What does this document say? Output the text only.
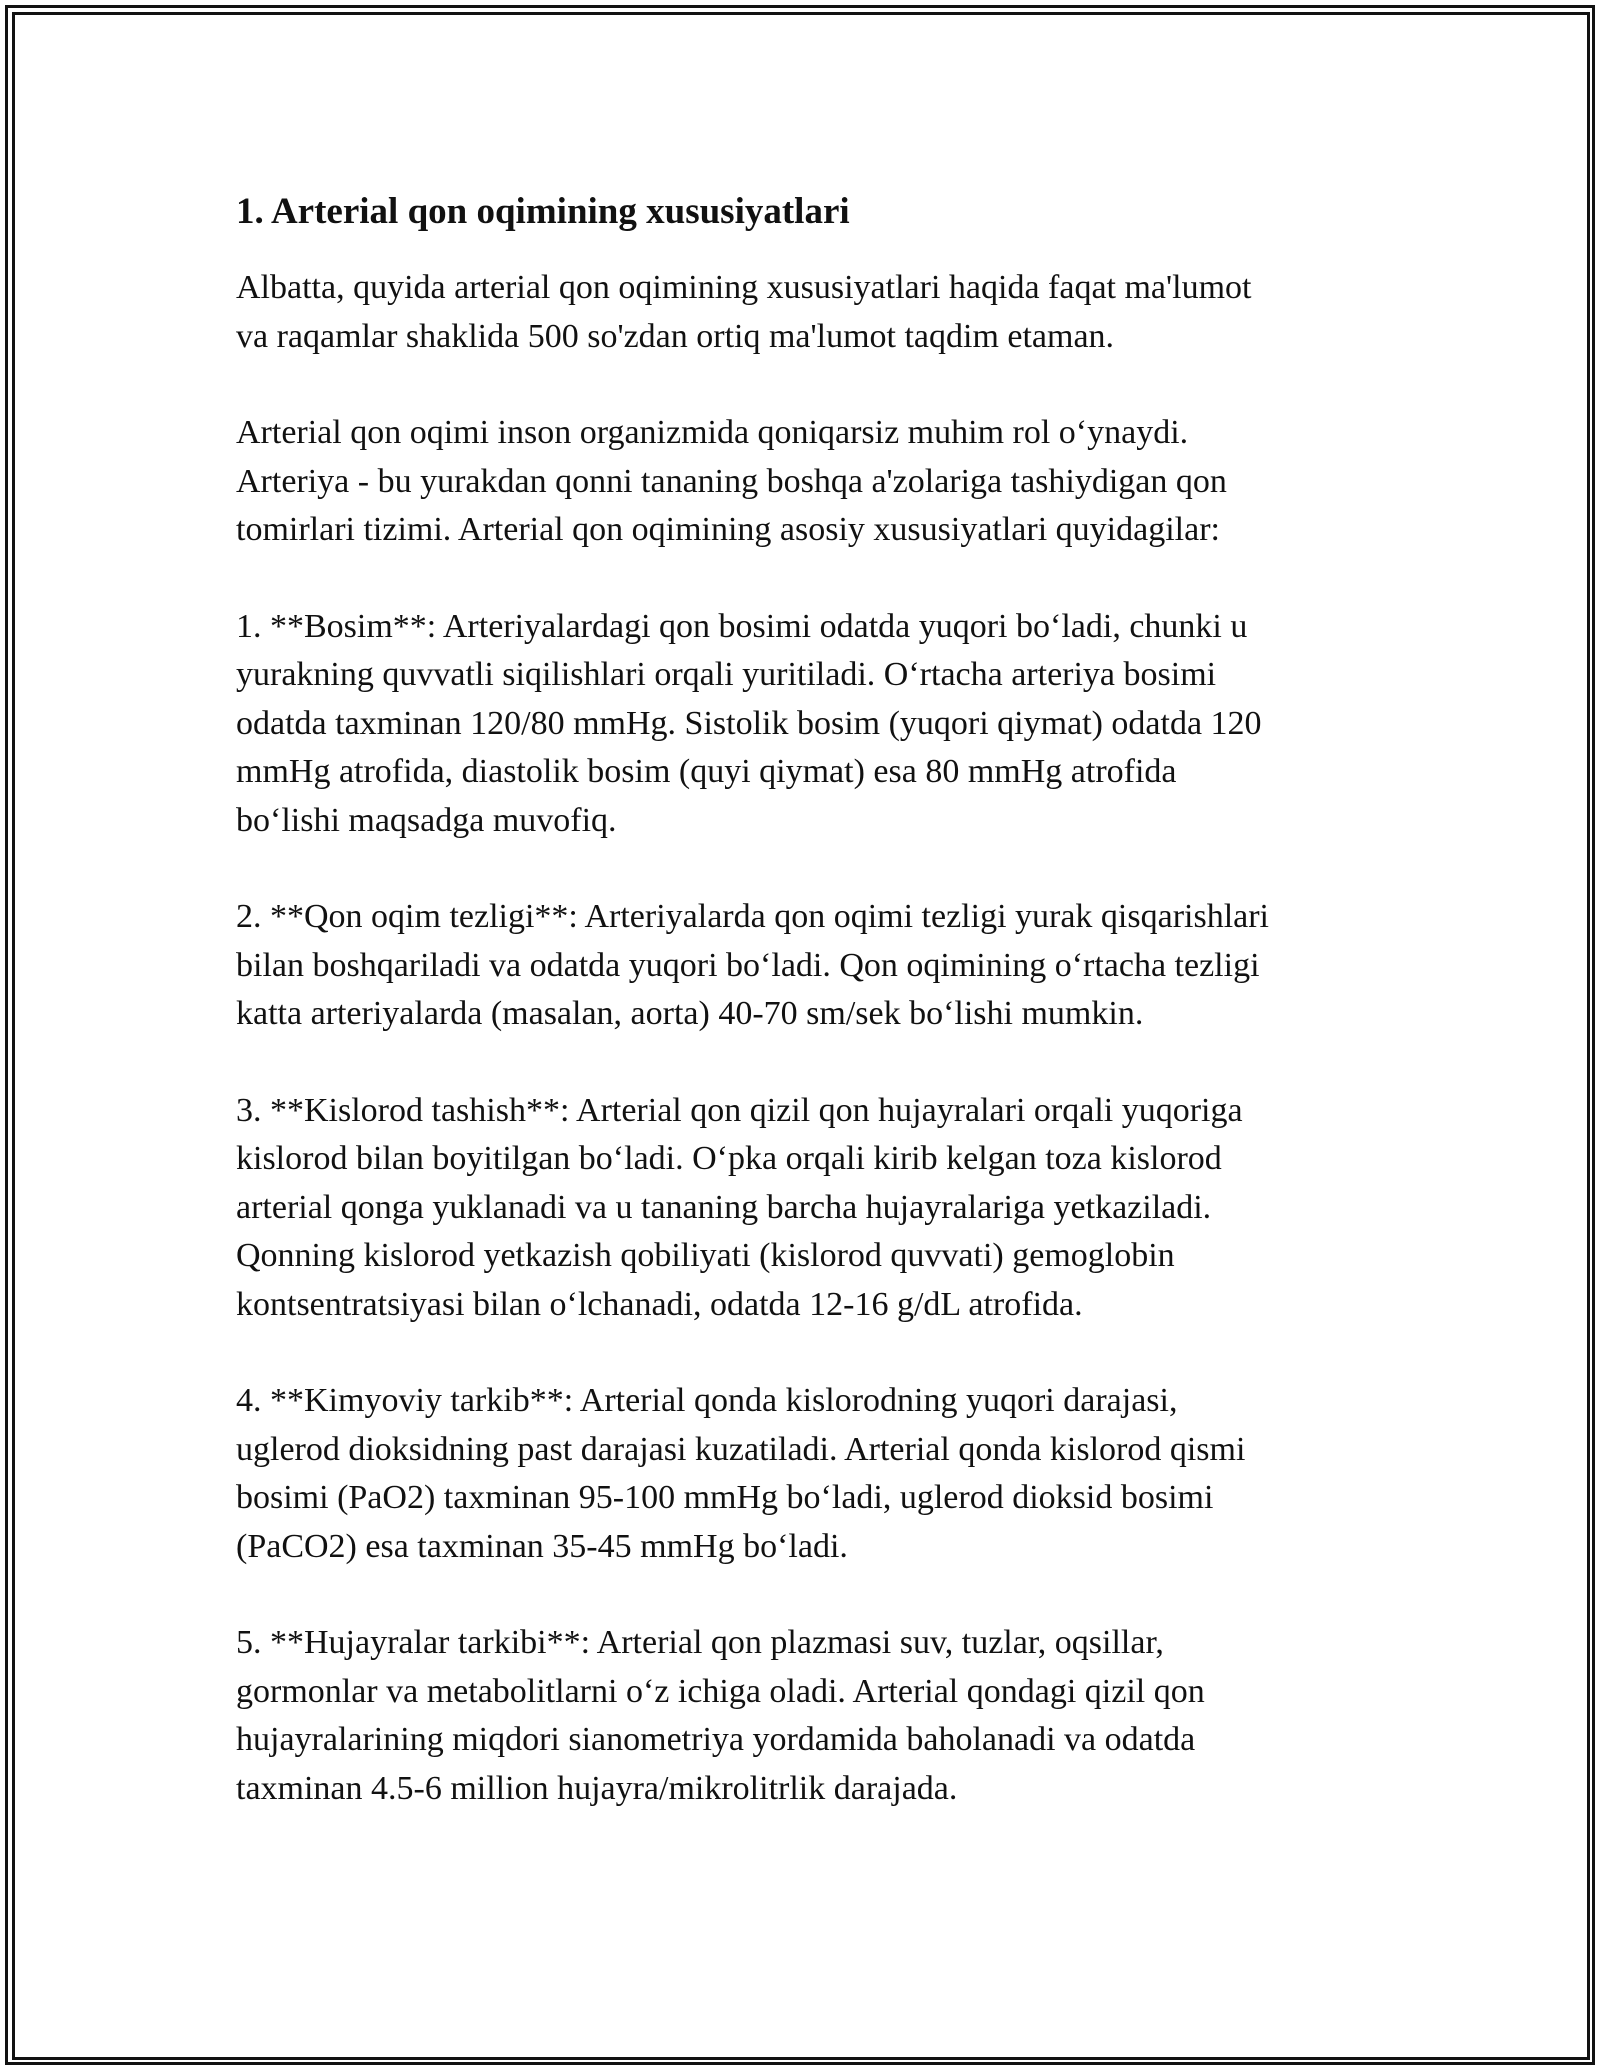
1. Arterial qon oqimining xususiyatlari

Albatta, quyida arterial qon oqimining xususiyatlari haqida faqat ma'lumot
va raqamlar shaklida 500 so'zdan ortiq ma'lumot taqdim etaman.

Arterial qon oqimi inson organizmida qoniqarsiz muhim rol oʻynaydi.
Arteriya - bu yurakdan qonni tananing boshqa a'zolariga tashiydigan qon
tomirlari tizimi. Arterial qon oqimining asosiy xususiyatlari quyidagilar:

1. **Bosim**: Arteriyalardagi qon bosimi odatda yuqori boʻladi, chunki u
yurakning quvvatli siqilishlari orqali yuritiladi. Oʻrtacha arteriya bosimi
odatda taxminan 120/80 mmHg. Sistolik bosim (yuqori qiymat) odatda 120
mmHg atrofida, diastolik bosim (quyi qiymat) esa 80 mmHg atrofida
boʻlishi maqsadga muvofiq.

2. **Qon oqim tezligi**: Arteriyalarda qon oqimi tezligi yurak qisqarishlari
bilan boshqariladi va odatda yuqori boʻladi. Qon oqimining oʻrtacha tezligi
katta arteriyalarda (masalan, aorta) 40-70 sm/sek boʻlishi mumkin.

3. **Kislorod tashish**: Arterial qon qizil qon hujayralari orqali yuqoriga
kislorod bilan boyitilgan boʻladi. Oʻpka orqali kirib kelgan toza kislorod
arterial qonga yuklanadi va u tananing barcha hujayralariga yetkaziladi.
Qonning kislorod yetkazish qobiliyati (kislorod quvvati) gemoglobin
kontsentratsiyasi bilan oʻlchanadi, odatda 12-16 g/dL atrofida.

4. **Kimyoviy tarkib**: Arterial qonda kislorodning yuqori darajasi,
uglerod dioksidning past darajasi kuzatiladi. Arterial qonda kislorod qismi
bosimi (PaO2) taxminan 95-100 mmHg boʻladi, uglerod dioksid bosimi
(PaCO2) esa taxminan 35-45 mmHg boʻladi.

5. **Hujayralar tarkibi**: Arterial qon plazmasi suv, tuzlar, oqsillar,
gormonlar va metabolitlarni oʻz ichiga oladi. Arterial qondagi qizil qon
hujayralarining miqdori sianometriya yordamida baholanadi va odatda
taxminan 4.5-6 million hujayra/mikrolitrlik darajada.
